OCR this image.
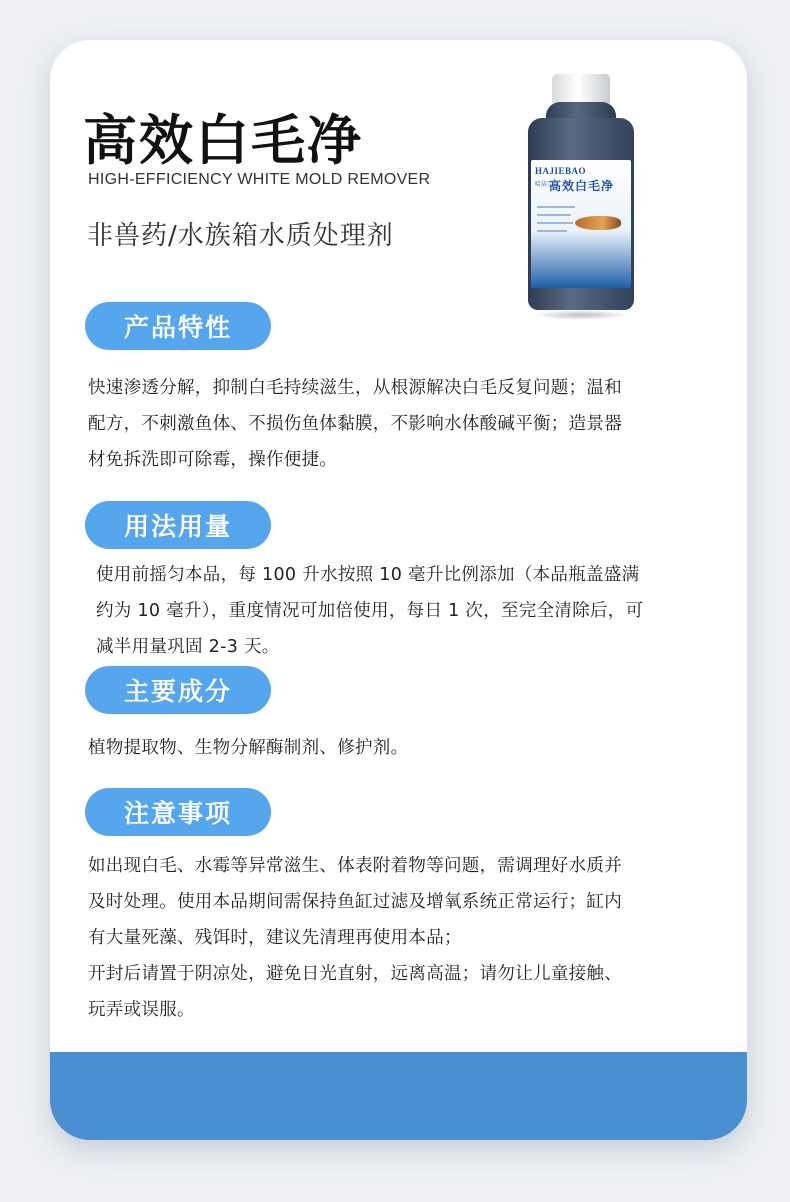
高效白毛净
HIGH-EFFICIENCY WHITE MOLD REMOVER
非兽药/水族箱水质处理剂
HAJIEBAO
哈洁宝
高效白毛净
产品特性
快速渗透分解，抑制白毛持续滋生，从根源解决白毛反复问题；温和
配方，不刺激鱼体、不损伤鱼体黏膜，不影响水体酸碱平衡；造景器
材免拆洗即可除霉，操作便捷。
用法用量
使用前摇匀本品，每 100 升水按照 10 毫升比例添加（本品瓶盖盛满
约为 10 毫升），重度情况可加倍使用，每日 1 次，至完全清除后，可
减半用量巩固 2-3 天。
主要成分
植物提取物、生物分解酶制剂、修护剂。
注意事项
如出现白毛、水霉等异常滋生、体表附着物等问题，需调理好水质并
及时处理。使用本品期间需保持鱼缸过滤及增氧系统正常运行；缸内
有大量死藻、残饵时，建议先清理再使用本品；
开封后请置于阴凉处，避免日光直射，远离高温；请勿让儿童接触、
玩弄或误服。
